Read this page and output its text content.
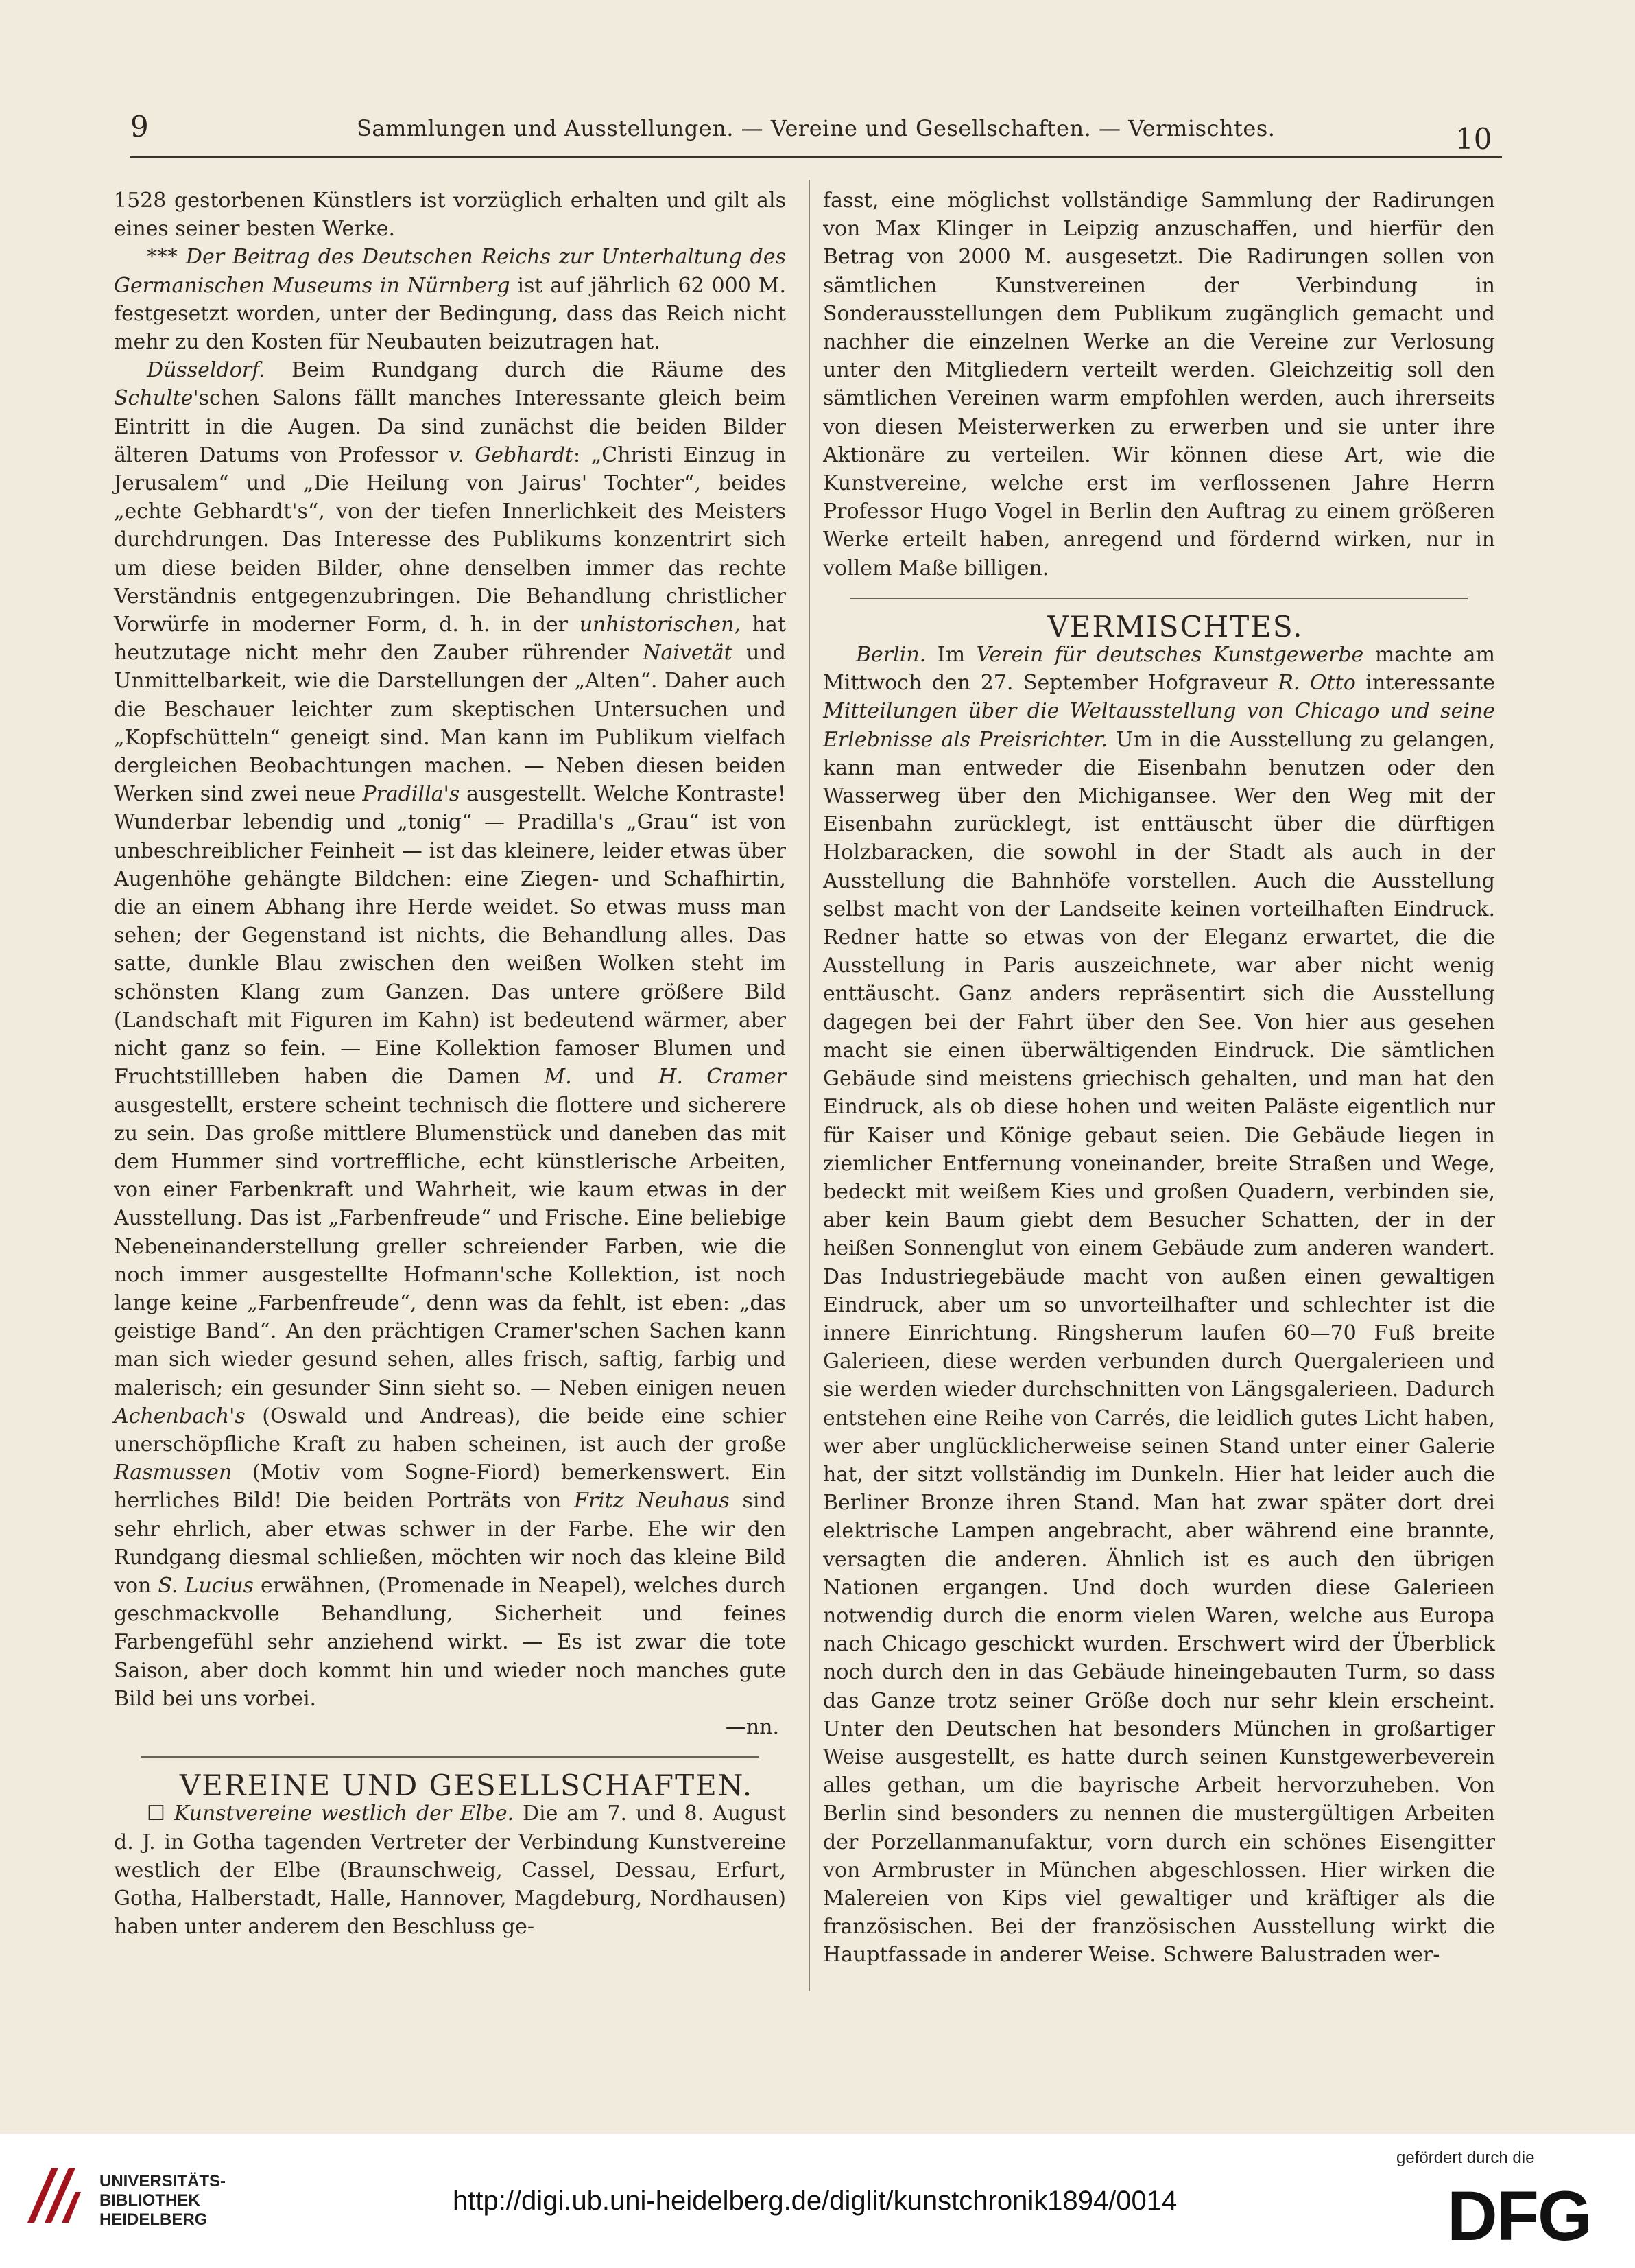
9	Sammlungen und Ausstellungen. — Vereine und Gesellschaften. — Vermischtes.	10

1528 gestorbenen Künstlers ist vorzüglich erhalten und gilt als eines seiner besten Werke.

*** Der Beitrag des Deutschen Reichs zur Unterhaltung des Germanischen Museums in Nürnberg ist auf jährlich 62 000 M. festgesetzt worden, unter der Bedingung, dass das Reich nicht mehr zu den Kosten für Neubauten beizutragen hat.

Düsseldorf. Beim Rundgang durch die Räume des Schulte'schen Salons fällt manches Interessante gleich beim Eintritt in die Augen. Da sind zunächst die beiden Bilder älteren Datums von Professor v. Gebhardt: „Christi Einzug in Jerusalem“ und „Die Heilung von Jairus' Tochter“, beides „echte Gebhardt's“, von der tiefen Innerlichkeit des Meisters durchdrungen. Das Interesse des Publikums konzentrirt sich um diese beiden Bilder, ohne denselben immer das rechte Verständnis entgegenzubringen. Die Behandlung christlicher Vorwürfe in moderner Form, d. h. in der unhistorischen, hat heutzutage nicht mehr den Zauber rührender Naivetät und Unmittelbarkeit, wie die Darstellungen der „Alten“. Daher auch die Beschauer leichter zum skeptischen Untersuchen und „Kopfschütteln“ geneigt sind. Man kann im Publikum vielfach dergleichen Beobachtungen machen. — Neben diesen beiden Werken sind zwei neue Pradilla's ausgestellt. Welche Kontraste! Wunderbar lebendig und „tonig“ — Pradilla's „Grau“ ist von unbeschreiblicher Feinheit — ist das kleinere, leider etwas über Augenhöhe gehängte Bildchen: eine Ziegen- und Schafhirtin, die an einem Abhang ihre Herde weidet. So etwas muss man sehen; der Gegenstand ist nichts, die Behandlung alles. Das satte, dunkle Blau zwischen den weißen Wolken steht im schönsten Klang zum Ganzen. Das untere größere Bild (Landschaft mit Figuren im Kahn) ist bedeutend wärmer, aber nicht ganz so fein. — Eine Kollektion famoser Blumen und Fruchtstillleben haben die Damen M. und H. Cramer ausgestellt, erstere scheint technisch die flottere und sicherere zu sein. Das große mittlere Blumenstück und daneben das mit dem Hummer sind vortreffliche, echt künstlerische Arbeiten, von einer Farbenkraft und Wahrheit, wie kaum etwas in der Ausstellung. Das ist „Farbenfreude“ und Frische. Eine beliebige Nebeneinanderstellung greller schreiender Farben, wie die noch immer ausgestellte Hofmann'sche Kollektion, ist noch lange keine „Farbenfreude“, denn was da fehlt, ist eben: „das geistige Band“. An den prächtigen Cramer'schen Sachen kann man sich wieder gesund sehen, alles frisch, saftig, farbig und malerisch; ein gesunder Sinn sieht so. — Neben einigen neuen Achenbach's (Oswald und Andreas), die beide eine schier unerschöpfliche Kraft zu haben scheinen, ist auch der große Rasmussen (Motiv vom Sogne-Fiord) bemerkenswert. Ein herrliches Bild! Die beiden Porträts von Fritz Neuhaus sind sehr ehrlich, aber etwas schwer in der Farbe. Ehe wir den Rundgang diesmal schließen, möchten wir noch das kleine Bild von S. Lucius erwähnen, (Promenade in Neapel), welches durch geschmackvolle Behandlung, Sicherheit und feines Farbengefühl sehr anziehend wirkt. — Es ist zwar die tote Saison, aber doch kommt hin und wieder noch manches gute Bild bei uns vorbei.

—nn.

VEREINE UND GESELLSCHAFTEN.

☐ Kunstvereine westlich der Elbe. Die am 7. und 8. August d. J. in Gotha tagenden Vertreter der Verbindung Kunstvereine westlich der Elbe (Braunschweig, Cassel, Dessau, Erfurt, Gotha, Halberstadt, Halle, Hannover, Magdeburg, Nordhausen) haben unter anderem den Beschluss ge-

fasst, eine möglichst vollständige Sammlung der Radirungen von Max Klinger in Leipzig anzuschaffen, und hierfür den Betrag von 2000 M. ausgesetzt. Die Radirungen sollen von sämtlichen Kunstvereinen der Verbindung in Sonderausstellungen dem Publikum zugänglich gemacht und nachher die einzelnen Werke an die Vereine zur Verlosung unter den Mitgliedern verteilt werden. Gleichzeitig soll den sämtlichen Vereinen warm empfohlen werden, auch ihrerseits von diesen Meisterwerken zu erwerben und sie unter ihre Aktionäre zu verteilen. Wir können diese Art, wie die Kunstvereine, welche erst im verflossenen Jahre Herrn Professor Hugo Vogel in Berlin den Auftrag zu einem größeren Werke erteilt haben, anregend und fördernd wirken, nur in vollem Maße billigen.

VERMISCHTES.

Berlin. Im Verein für deutsches Kunstgewerbe machte am Mittwoch den 27. September Hofgraveur R. Otto interessante Mitteilungen über die Weltausstellung von Chicago und seine Erlebnisse als Preisrichter. Um in die Ausstellung zu gelangen, kann man entweder die Eisenbahn benutzen oder den Wasserweg über den Michigansee. Wer den Weg mit der Eisenbahn zurücklegt, ist enttäuscht über die dürftigen Holzbaracken, die sowohl in der Stadt als auch in der Ausstellung die Bahnhöfe vorstellen. Auch die Ausstellung selbst macht von der Landseite keinen vorteilhaften Eindruck. Redner hatte so etwas von der Eleganz erwartet, die die Ausstellung in Paris auszeichnete, war aber nicht wenig enttäuscht. Ganz anders repräsentirt sich die Ausstellung dagegen bei der Fahrt über den See. Von hier aus gesehen macht sie einen überwältigenden Eindruck. Die sämtlichen Gebäude sind meistens griechisch gehalten, und man hat den Eindruck, als ob diese hohen und weiten Paläste eigentlich nur für Kaiser und Könige gebaut seien. Die Gebäude liegen in ziemlicher Entfernung voneinander, breite Straßen und Wege, bedeckt mit weißem Kies und großen Quadern, verbinden sie, aber kein Baum giebt dem Besucher Schatten, der in der heißen Sonnenglut von einem Gebäude zum anderen wandert. Das Industriegebäude macht von außen einen gewaltigen Eindruck, aber um so unvorteilhafter und schlechter ist die innere Einrichtung. Ringsherum laufen 60—70 Fuß breite Galerieen, diese werden verbunden durch Quergalerieen und sie werden wieder durchschnitten von Längsgalerieen. Dadurch entstehen eine Reihe von Carrés, die leidlich gutes Licht haben, wer aber unglücklicherweise seinen Stand unter einer Galerie hat, der sitzt vollständig im Dunkeln. Hier hat leider auch die Berliner Bronze ihren Stand. Man hat zwar später dort drei elektrische Lampen angebracht, aber während eine brannte, versagten die anderen. Ähnlich ist es auch den übrigen Nationen ergangen. Und doch wurden diese Galerieen notwendig durch die enorm vielen Waren, welche aus Europa nach Chicago geschickt wurden. Erschwert wird der Überblick noch durch den in das Gebäude hineingebauten Turm, so dass das Ganze trotz seiner Größe doch nur sehr klein erscheint. Unter den Deutschen hat besonders München in großartiger Weise ausgestellt, es hatte durch seinen Kunstgewerbeverein alles gethan, um die bayrische Arbeit hervorzuheben. Von Berlin sind besonders zu nennen die mustergültigen Arbeiten der Porzellanmanufaktur, vorn durch ein schönes Eisengitter von Armbruster in München abgeschlossen. Hier wirken die Malereien von Kips viel gewaltiger und kräftiger als die französischen. Bei der französischen Ausstellung wirkt die Hauptfassade in anderer Weise. Schwere Balustraden wer-

UNIVERSITÄTS-
BIBLIOTHEK
HEIDELBERG
http://digi.ub.uni-heidelberg.de/diglit/kunstchronik1894/0014
gefördert durch die
DFG
